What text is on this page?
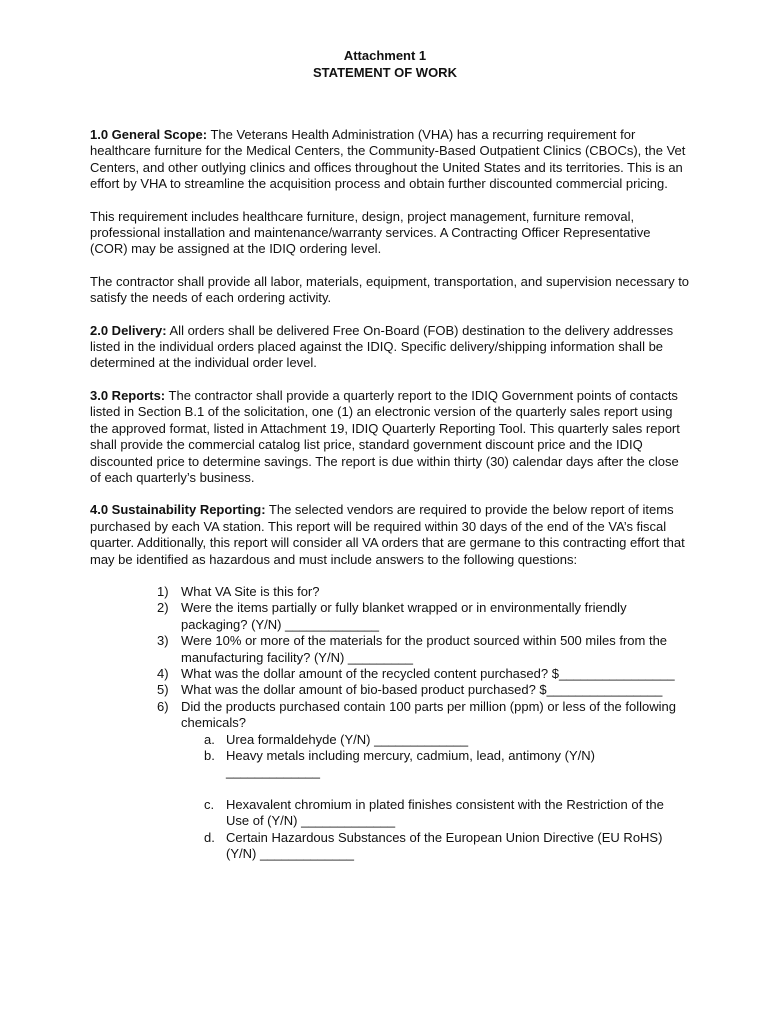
Attachment 1
STATEMENT OF WORK

1.0 General Scope: The Veterans Health Administration (VHA) has a recurring requirement for healthcare furniture for the Medical Centers, the Community-Based Outpatient Clinics (CBOCs), the Vet Centers, and other outlying clinics and offices throughout the United States and its territories. This is an effort by VHA to streamline the acquisition process and obtain further discounted commercial pricing.

This requirement includes healthcare furniture, design, project management, furniture removal, professional installation and maintenance/warranty services. A Contracting Officer Representative (COR) may be assigned at the IDIQ ordering level.

The contractor shall provide all labor, materials, equipment, transportation, and supervision necessary to satisfy the needs of each ordering activity.

2.0 Delivery: All orders shall be delivered Free On-Board (FOB) destination to the delivery addresses listed in the individual orders placed against the IDIQ. Specific delivery/shipping information shall be determined at the individual order level.

3.0 Reports: The contractor shall provide a quarterly report to the IDIQ Government points of contacts listed in Section B.1 of the solicitation, one (1) an electronic version of the quarterly sales report using the approved format, listed in Attachment 19, IDIQ Quarterly Reporting Tool. This quarterly sales report shall provide the commercial catalog list price, standard government discount price and the IDIQ discounted price to determine savings. The report is due within thirty (30) calendar days after the close of each quarterly’s business.

4.0 Sustainability Reporting: The selected vendors are required to provide the below report of items purchased by each VA station. This report will be required within 30 days of the end of the VA’s fiscal quarter. Additionally, this report will consider all VA orders that are germane to this contracting effort that may be identified as hazardous and must include answers to the following questions:

1) What VA Site is this for?
2) Were the items partially or fully blanket wrapped or in environmentally friendly packaging? (Y/N) _____________
3) Were 10% or more of the materials for the product sourced within 500 miles from the manufacturing facility? (Y/N) _________
4) What was the dollar amount of the recycled content purchased? $________________
5) What was the dollar amount of bio-based product purchased? $________________
6) Did the products purchased contain 100 parts per million (ppm) or less of the following chemicals?
a. Urea formaldehyde (Y/N) _____________
b. Heavy metals including mercury, cadmium, lead, antimony (Y/N) _____________
c. Hexavalent chromium in plated finishes consistent with the Restriction of the Use of (Y/N) _____________
d. Certain Hazardous Substances of the European Union Directive (EU RoHS) (Y/N) _____________
